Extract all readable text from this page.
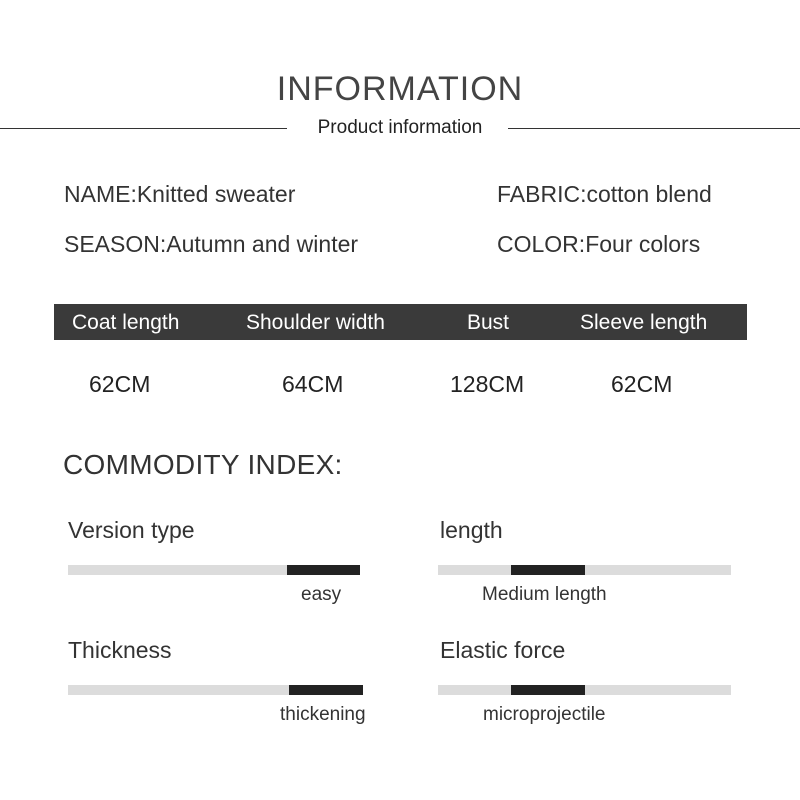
INFORMATION
Product information
NAME:Knitted sweater	FABRIC:cotton blend
SEASON:Autumn and winter	COLOR:Four colors
Coat length	Shoulder width	Bust	Sleeve length
62CM	64CM	128CM	62CM
COMMODITY INDEX:
Version type
easy
length
Medium length
Thickness
thickening
Elastic force
microprojectile
